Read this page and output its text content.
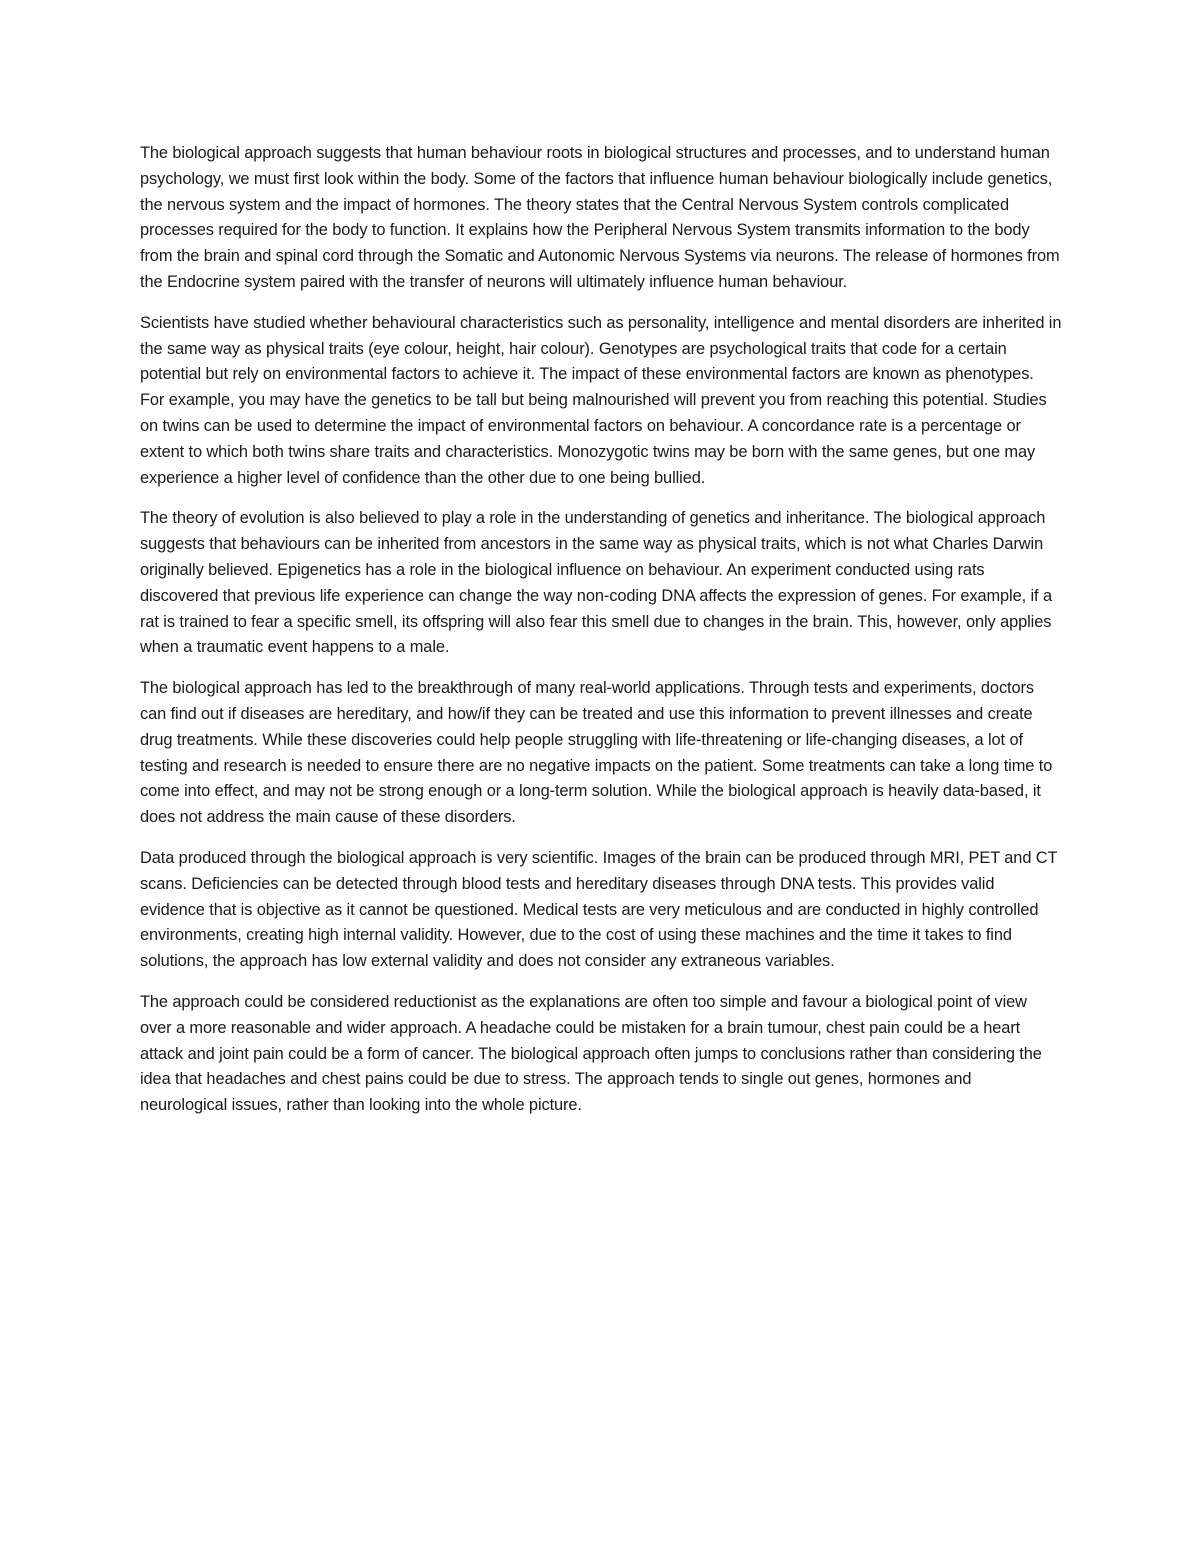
The biological approach suggests that human behaviour roots in biological structures and processes, and to understand human psychology, we must first look within the body. Some of the factors that influence human behaviour biologically include genetics, the nervous system and the impact of hormones. The theory states that the Central Nervous System controls complicated processes required for the body to function. It explains how the Peripheral Nervous System transmits information to the body from the brain and spinal cord through the Somatic and Autonomic Nervous Systems via neurons. The release of hormones from the Endocrine system paired with the transfer of neurons will ultimately influence human behaviour.

Scientists have studied whether behavioural characteristics such as personality, intelligence and mental disorders are inherited in the same way as physical traits (eye colour, height, hair colour). Genotypes are psychological traits that code for a certain potential but rely on environmental factors to achieve it. The impact of these environmental factors are known as phenotypes. For example, you may have the genetics to be tall but being malnourished will prevent you from reaching this potential. Studies on twins can be used to determine the impact of environmental factors on behaviour. A concordance rate is a percentage or extent to which both twins share traits and characteristics. Monozygotic twins may be born with the same genes, but one may experience a higher level of confidence than the other due to one being bullied.

The theory of evolution is also believed to play a role in the understanding of genetics and inheritance. The biological approach suggests that behaviours can be inherited from ancestors in the same way as physical traits, which is not what Charles Darwin originally believed. Epigenetics has a role in the biological influence on behaviour. An experiment conducted using rats discovered that previous life experience can change the way non-coding DNA affects the expression of genes. For example, if a rat is trained to fear a specific smell, its offspring will also fear this smell due to changes in the brain. This, however, only applies when a traumatic event happens to a male.

The biological approach has led to the breakthrough of many real-world applications. Through tests and experiments, doctors can find out if diseases are hereditary, and how/if they can be treated and use this information to prevent illnesses and create drug treatments. While these discoveries could help people struggling with life-threatening or life-changing diseases, a lot of testing and research is needed to ensure there are no negative impacts on the patient. Some treatments can take a long time to come into effect, and may not be strong enough or a long-term solution. While the biological approach is heavily data-based, it does not address the main cause of these disorders.

Data produced through the biological approach is very scientific. Images of the brain can be produced through MRI, PET and CT scans. Deficiencies can be detected through blood tests and hereditary diseases through DNA tests. This provides valid evidence that is objective as it cannot be questioned. Medical tests are very meticulous and are conducted in highly controlled environments, creating high internal validity. However, due to the cost of using these machines and the time it takes to find solutions, the approach has low external validity and does not consider any extraneous variables.

The approach could be considered reductionist as the explanations are often too simple and favour a biological point of view over a more reasonable and wider approach. A headache could be mistaken for a brain tumour, chest pain could be a heart attack and joint pain could be a form of cancer. The biological approach often jumps to conclusions rather than considering the idea that headaches and chest pains could be due to stress. The approach tends to single out genes, hormones and neurological issues, rather than looking into the whole picture.
